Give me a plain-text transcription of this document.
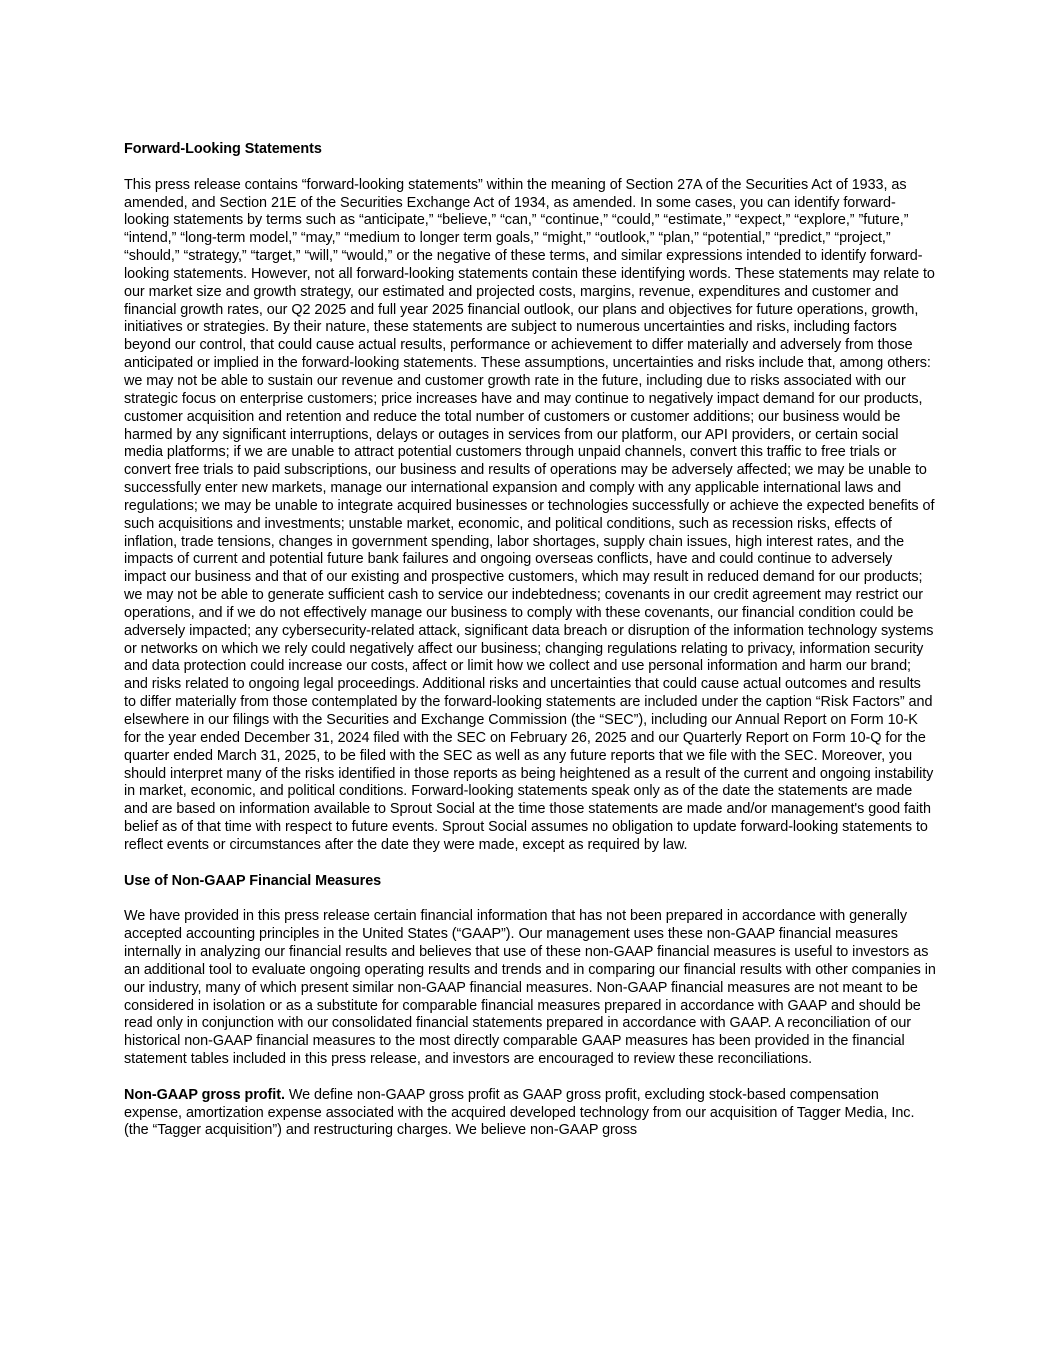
Forward-Looking Statements
This press release contains “forward-looking statements” within the meaning of Section 27A of the Securities Act of 1933, as amended, and Section 21E of the Securities Exchange Act of 1934, as amended. In some cases, you can identify forward-looking statements by terms such as “anticipate,” “believe,” “can,” “continue,” “could,” “estimate,” “expect,” “explore,” ”future,” “intend,” “long-term model,” “may,” “medium to longer term goals,” “might,” “outlook,” “plan,” “potential,” “predict,” “project,” “should,” “strategy,” “target,” “will,” “would,” or the negative of these terms, and similar expressions intended to identify forward-looking statements. However, not all forward-looking statements contain these identifying words. These statements may relate to our market size and growth strategy, our estimated and projected costs, margins, revenue, expenditures and customer and financial growth rates, our Q2 2025 and full year 2025 financial outlook, our plans and objectives for future operations, growth, initiatives or strategies. By their nature, these statements are subject to numerous uncertainties and risks, including factors beyond our control, that could cause actual results, performance or achievement to differ materially and adversely from those anticipated or implied in the forward-looking statements. These assumptions, uncertainties and risks include that, among others: we may not be able to sustain our revenue and customer growth rate in the future, including due to risks associated with our strategic focus on enterprise customers; price increases have and may continue to negatively impact demand for our products, customer acquisition and retention and reduce the total number of customers or customer additions; our business would be harmed by any significant interruptions, delays or outages in services from our platform, our API providers, or certain social media platforms; if we are unable to attract potential customers through unpaid channels, convert this traffic to free trials or convert free trials to paid subscriptions, our business and results of operations may be adversely affected; we may be unable to successfully enter new markets, manage our international expansion and comply with any applicable international laws and regulations; we may be unable to integrate acquired businesses or technologies successfully or achieve the expected benefits of such acquisitions and investments; unstable market, economic, and political conditions, such as recession risks, effects of inflation, trade tensions, changes in government spending, labor shortages, supply chain issues, high interest rates, and the impacts of current and potential future bank failures and ongoing overseas conflicts, have and could continue to adversely impact our business and that of our existing and prospective customers, which may result in reduced demand for our products; we may not be able to generate sufficient cash to service our indebtedness; covenants in our credit agreement may restrict our operations, and if we do not effectively manage our business to comply with these covenants, our financial condition could be adversely impacted; any cybersecurity-related attack, significant data breach or disruption of the information technology systems or networks on which we rely could negatively affect our business; changing regulations relating to privacy, information security and data protection could increase our costs, affect or limit how we collect and use personal information and harm our brand; and risks related to ongoing legal proceedings. Additional risks and uncertainties that could cause actual outcomes and results to differ materially from those contemplated by the forward-looking statements are included under the caption “Risk Factors” and elsewhere in our filings with the Securities and Exchange Commission (the “SEC”), including our Annual Report on Form 10-K for the year ended December 31, 2024 filed with the SEC on February 26, 2025 and our Quarterly Report on Form 10-Q for the quarter ended March 31, 2025, to be filed with the SEC as well as any future reports that we file with the SEC. Moreover, you should interpret many of the risks identified in those reports as being heightened as a result of the current and ongoing instability in market, economic, and political conditions. Forward-looking statements speak only as of the date the statements are made and are based on information available to Sprout Social at the time those statements are made and/or management's good faith belief as of that time with respect to future events. Sprout Social assumes no obligation to update forward-looking statements to reflect events or circumstances after the date they were made, except as required by law.
Use of Non-GAAP Financial Measures
We have provided in this press release certain financial information that has not been prepared in accordance with generally accepted accounting principles in the United States (“GAAP”). Our management uses these non-GAAP financial measures internally in analyzing our financial results and believes that use of these non-GAAP financial measures is useful to investors as an additional tool to evaluate ongoing operating results and trends and in comparing our financial results with other companies in our industry, many of which present similar non-GAAP financial measures. Non-GAAP financial measures are not meant to be considered in isolation or as a substitute for comparable financial measures prepared in accordance with GAAP and should be read only in conjunction with our consolidated financial statements prepared in accordance with GAAP. A reconciliation of our historical non-GAAP financial measures to the most directly comparable GAAP measures has been provided in the financial statement tables included in this press release, and investors are encouraged to review these reconciliations.
Non-GAAP gross profit. We define non-GAAP gross profit as GAAP gross profit, excluding stock-based compensation expense, amortization expense associated with the acquired developed technology from our acquisition of Tagger Media, Inc. (the “Tagger acquisition”) and restructuring charges. We believe non-GAAP gross
